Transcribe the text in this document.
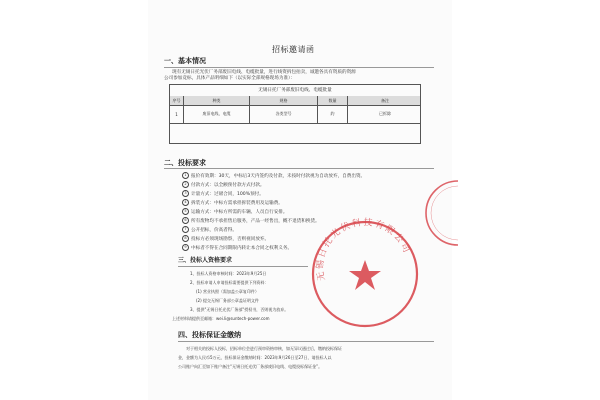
招标邀请函
一、基本情况
现有无锡日托光伏厂务部废旧电线、电缆批量，进行线资拆包拍卖，诚邀各具有资质的资源
公司参加竞标，具体产品明细如下（以实际全部规格现场为准）：
无锡日托厂务部废旧电线、电缆批量
序号	种类	规格	数量	备注
1	废旧电线、电缆	各类型号	约	已拆除
二、投标要求
1 报价有效期：30天，中标后3天内签约及付款，未按时付款视为自动放弃，自费出资。
2 付款方式：以全额预付款方式付款。
3 计量方式：过磅合同，100%预付。
4 拆装方式：中标方需承担拆装费用及运输费。
5 运输方式：中标方所需的车辆、人员自行安排。
6 所有废物均不承担售后服务，产品一经售出，概不退货和换货。
7 公开招标，价高者得。
8 投标方必须现场勘察，否则视同放弃。
9 中标者不得在合同期限内转让本合同之权利义务。
三、投标人资格要求
1、投标人资格审核时间：2023年9月25日
2、投标申请人申请投标需要提供下列资料：
(1) 营业执照（需加盖公章复印件）
(2) 提交无锡厂务部公章盖证明文件
3、提供"无锡日托光伏厂务部"授权书，否则视为放弃。
上述材料请提供至邮箱：wei.li@suntech-power.com
四、投标保证金缴纳
对于相关的投标人投标，招标单位会进行预审资格审核，如无异议通过后，缴纳投标保证
金，金额为人民币5万元，投标保证金缴纳时间：2023年9月26日至27日，请投标人以
公司账户向汇至如下账户备注“无锡日托光伏厂务部废旧电线、电缆投标保证金”。
无锡日托光伏科技有限公司
